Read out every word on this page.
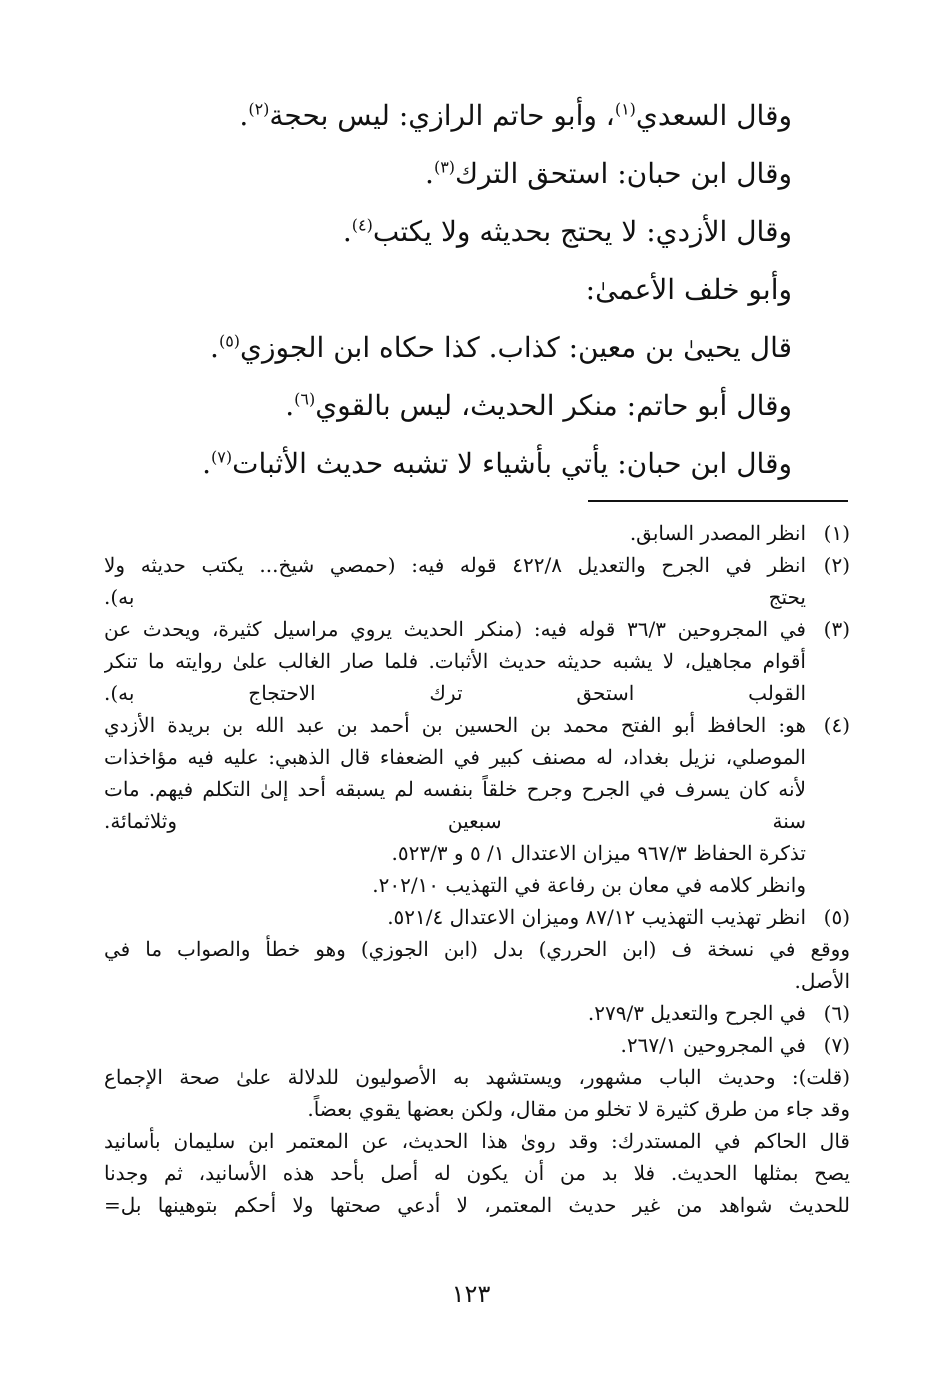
وقال السعدي$^{(١)}$، وأبو حاتم الرازي: ليس بحجة$^{(٢)}$.
وقال ابن حبان: استحق الترك$^{(٣)}$.
وقال الأزدي: لا يحتج بحديثه ولا يكتب$^{(٤)}$.
وأبو خلف الأعمىٰ:
قال يحيىٰ بن معين: كذاب. كذا حكاه ابن الجوزي$^{(٥)}$.
وقال أبو حاتم: منكر الحديث، ليس بالقوي$^{(٦)}$.
وقال ابن حبان: يأتي بأشياء لا تشبه حديث الأثبات$^{(٧)}$.
(١)
انظر المصدر السابق.
(٢)
انظر في الجرح والتعديل ٤٢٢/٨ قوله فيه: (حمصي شيخ... يكتب حديثه ولا
يحتج به).
(٣)
في المجروحين ٣٦/٣ قوله فيه: (منكر الحديث يروي مراسيل كثيرة، ويحدث عن
أقوام مجاهيل، لا يشبه حديثه حديث الأثبات. فلما صار الغالب علىٰ روايته ما تنكر
القولب استحق ترك الاحتجاج به).
(٤)
هو: الحافظ أبو الفتح محمد بن الحسين بن أحمد بن عبد الله بن بريدة الأزدي
الموصلي، نزيل بغداد، له مصنف كبير في الضعفاء قال الذهبي: عليه فيه مؤاخذات
لأنه كان يسرف في الجرح وجرح خلقاً بنفسه لم يسبقه أحد إلىٰ التكلم فيهم. مات
سنة سبعين وثلاثمائة.
تذكرة الحفاظ ٩٦٧/٣ ميزان الاعتدال ١/ ٥ و ٥٢٣/٣.
وانظر كلامه في معان بن رفاعة في التهذيب ٢٠٢/١٠.
(٥)
انظر تهذيب التهذيب ٨٧/١٢ وميزان الاعتدال ٥٢١/٤.
ووقع في نسخة ف (ابن الحرري) بدل (ابن الجوزي) وهو خطأ والصواب ما في
الأصل.
(٦)
في الجرح والتعديل ٢٧٩/٣.
(٧)
في المجروحين ٢٦٧/١.
(قلت): وحديث الباب مشهور، ويستشهد به الأصوليون للدلالة علىٰ صحة الإجماع
وقد جاء من طرق كثيرة لا تخلو من مقال، ولكن بعضها يقوي بعضاً.
قال الحاكم في المستدرك: وقد روىٰ هذا الحديث، عن المعتمر ابن سليمان بأسانيد
يصح بمثلها الحديث. فلا بد من أن يكون له أصل بأحد هذه الأسانيد، ثم وجدنا
للحديث شواهد من غير حديث المعتمر، لا أدعي صحتها ولا أحكم بتوهينها بل=
١٢٣
